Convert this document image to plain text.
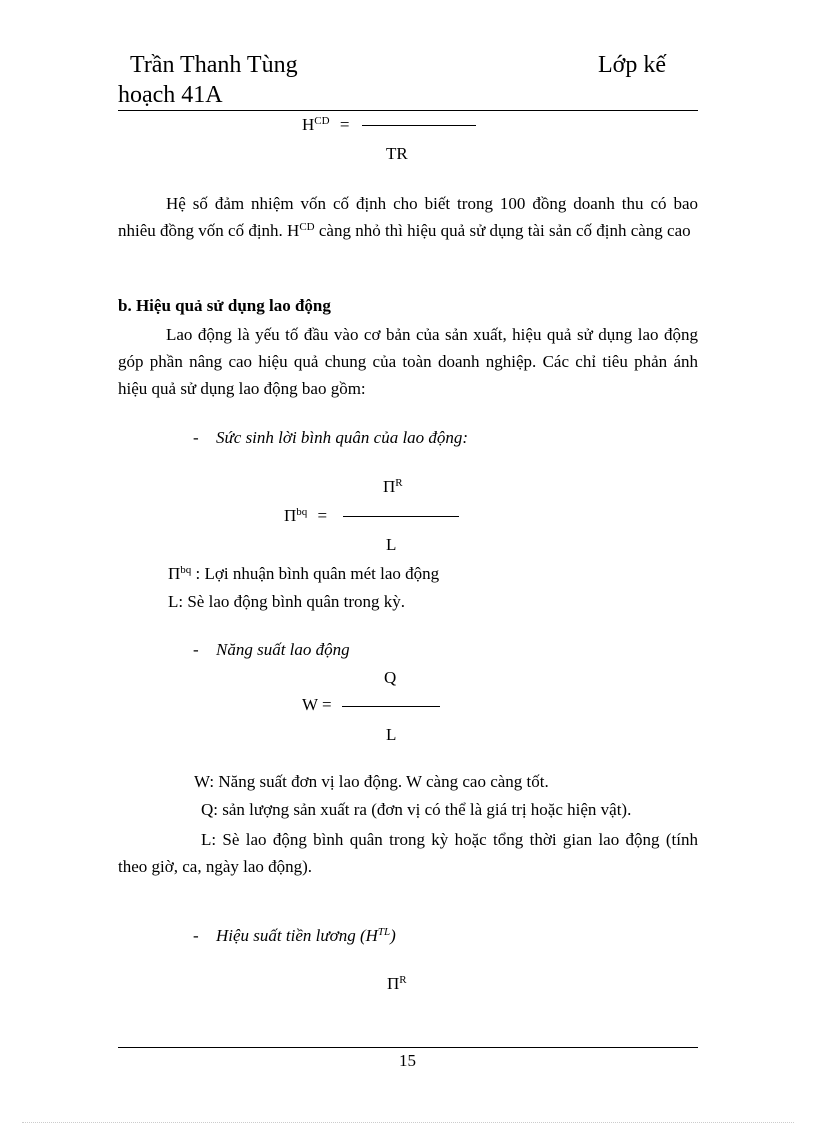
Trần Thanh Tùng	Lớp kế
hoạch 41A
$H^{CD}$ =
TR
Hệ số đảm nhiệm vốn cố định cho biết trong 100 đồng doanh thu có bao nhiêu đồng vốn cố định. $H^{CD}$ càng nhỏ thì hiệu quả sử dụng tài sản cố định càng cao
b. Hiệu quả sử dụng lao động
Lao động là yếu tố đầu vào cơ bản của sản xuất, hiệu quả sử dụng lao động góp phần nâng cao hiệu quả chung của toàn doanh nghiệp. Các chỉ tiêu phản ánh hiệu quả sử dụng lao động bao gồm:
- Sức sinh lời bình quân của lao động:
$\Pi^R$
$\Pi^{bq}$ =
L
$\Pi^{bq}$ : Lợi nhuận bình quân mét lao động
L: Sè lao động bình quân trong kỳ.
- Năng suất lao động
Q
W =
L
W: Năng suất đơn vị lao động. W càng cao càng tốt.
Q: sản lượng sản xuất ra (đơn vị có thể là giá trị hoặc hiện vật).
L: Sè lao động bình quân trong kỳ hoặc tổng thời gian lao động (tính theo giờ, ca, ngày lao động).
- Hiệu suất tiền lương $(H^{TL})$
$\Pi^R$
15
